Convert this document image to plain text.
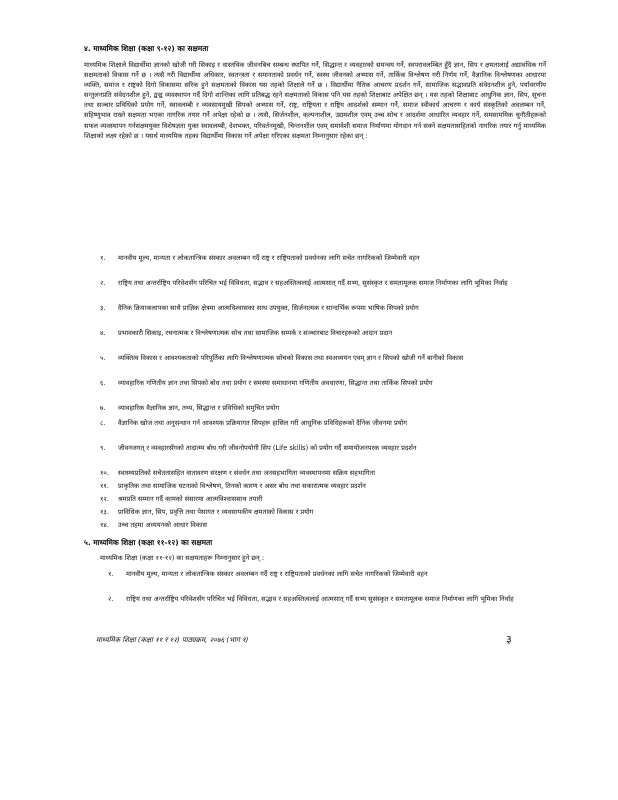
४. माध्यमिक शिक्षा (कक्षा ९-१२) का सक्षमता
माध्यमिक शिक्षाले विद्यार्थीमा ज्ञानको खोजी गरी सिकाइ र वास्तविक जीवनबिच सम्बन्ध स्थापित गर्ने, सिद्धान्त र व्यवहारको समन्वय गर्ने, स्वपरावलम्बित हुँदै ज्ञान, सिप र क्षमतालाई अद्यावधिक गर्ने सक्षमताको विकास गर्ने छ । त्यसै गरी विद्यार्थीमा अधिकार, स्वतन्त्रता र समानताको प्रवर्धन गर्ने, स्वस्थ जीवनको अभ्यास गर्ने, तार्किक विश्लेषण गरी निर्णय गर्ने, वैज्ञानिक विश्लेषणका आधारमा व्यक्ति, समाज र राष्ट्रको दिगो विकासमा सरिक हुने सक्षमताको विकास यस तहको शिक्षाले गर्ने छ । विद्यार्थीमा नैतिक आचरण प्रदर्शन गर्ने, सामाजिक सद्भावप्रति संवेदनशील हुने, पर्यावरणीय सन्तुलनप्रति संवेदनशील हुने, द्वन्द्व व्यवस्थापन गर्दै दिगो शान्तिका लागि प्रतिबद्ध रहने सक्षमताको विकास पनि यस तहको शिक्षाबाट अपेक्षित छन् । यस तहको शिक्षाबाट आधुनिक ज्ञान, सिप, सूचना तथा सञ्चार प्रविधिको प्रयोग गर्ने, स्वावलम्बी र व्यवसायमुखी सिपको अभ्यास गर्ने, राष्ट्र, राष्ट्रियता र राष्ट्रिय आदर्शको सम्मान गर्ने, समाज स्वीकार्य आचरण र कार्य संस्कृतिको अवलम्बन गर्ने, सहिष्णुभाव राख्ने सक्षमता भएका नागरिक तयार गर्ने अपेक्षा रहेको छ । त्यसै, सिर्जनशील, कल्पनाशील, उद्यमशील एवम् उच्च सोच र आदर्शमा आधारित व्यवहार गर्ने, समसामयिक चुनौतीहरूको सफल व्यवस्थापन गर्नसक्षमयुक्त विशेषज्ञता युक्त स्वावलम्बी, देशभक्त, परिवर्तनमुखी, चिन्तनशील एवम् समावेशी समाज निर्माणमा योगदान गर्न सक्ने सक्षमतासहितको नागरिक तयार गर्नु माध्यमिक शिक्षाको लक्ष्य रहेको छ । यसर्थ माध्यमिक तहका विद्यार्थीमा विकास गर्ने अपेक्षा गरिएका सक्षमता निम्नानुसार रहेका छन् :
१.	मानवीय मूल्य, मान्यता र लोकतान्त्रिक संस्कार अवलम्बन गर्दै राष्ट्र र राष्ट्रियताको प्रवर्धनका लागि सचेत नागरिकको जिम्मेवारी वहन
२.	राष्ट्रिय तथा अन्तर्राष्ट्रिय परिवेशसँग परिचित भई विविधता, सद्भाव र सहअस्तित्वलाई आत्मसात् गर्दै सभ्य, सुसंस्कृत र समतामूलक समाज निर्माणका लागि भूमिका निर्वाह
३.	दैनिक क्रियाकलापका साथै प्राज्ञिक क्षेत्रमा आत्मविश्वासका साथ उपयुक्त, सिर्जनात्मक र सान्दर्भिक रूपमा भाषिक सिपको प्रयोग
४.	प्रभावकारी सिकाइ, रचनात्मक र विश्लेषणात्मक सोच तथा सामाजिक सम्पर्क र सञ्चारबाट विचारहरूको आदान प्रदान
५.	व्यक्तित्व विकास र आवश्यकताको परिपूर्तिका लागि विश्लेषणात्मक सोचको विकास तथा स्वअध्ययन एवम् ज्ञान र सिपको खोजी गर्ने बानीको विकास
६.	व्यावहारिक गणितीय ज्ञान तथा सिपको बोध तथा प्रयोग र समस्या समाधानमा गणितीय अवधारणा, सिद्धान्त तथा तार्किक सिपको प्रयोग
७.	व्यावहारिक वैज्ञानिक ज्ञान, तथ्य, सिद्धान्त र प्रविधिको समुचित प्रयोग
८.	वैज्ञानिक खोज तथा अनुसन्धान गर्न आवश्यक प्रक्रियागत सिपहरू हासिल गरी आधुनिक प्रविधिहरूको दैनिक जीवनमा प्रयोग
९.	जीवनजगत् र व्यवहारसँगको तादात्म्य बोध गरी जीवनोपयोगी सिप (Life skills) को प्रयोग गर्दै समायोजनपरक व्यवहार प्रदर्शन
१०.	स्वास्थ्यप्रतिको सचेततासहित वातावरण संरक्षण र संवर्धन तथा जनसहभागिता व्यवस्थापनमा सक्रिय सहभागिता
११.	प्राकृतिक तथा सामाजिक घटनाको विश्लेषण, तिनको कारण र असर बोध तथा सकारात्मक व्यवहार प्रदर्शन
१२.	श्रमप्रति सम्मान गर्दै कामको संसारमा आत्मविश्वाससाथ तयारी
१३.	प्राविधिक ज्ञान, सिप, प्रवृत्ति तथा पेसागत र व्यवसायकीय क्षमताको विकास र प्रयोग
१४.	उच्च तहमा अध्ययनको आधार विकास
५. माध्यमिक शिक्षा (कक्षा ११-१२) का सक्षमता
माध्यमिक शिक्षा (कक्षा ११-१२) का सक्षमताहरू निम्नानुसार हुने छन् :
१.	मानवीय मूल्य, मान्यता र लोकतान्त्रिक संस्कार अवलम्बन गर्दै राष्ट्र र राष्ट्रियताको प्रवर्धनका लागि सचेत नागरिकको जिम्मेवारी वहन
२.	राष्ट्रिय तथा अन्तर्राष्ट्रिय परिवेशसँग परिचित भई विविधता, सद्भाव र सहअस्तित्वलाई आत्मसात् गर्दै सभ्य सुसंस्कृत र समतामूलक समाज निर्माणका लागि भूमिका निर्वाह
माध्यमिक शिक्षा (कक्षा ११ र १२) पाठ्यक्रम, २०७६ (भाग १)	३
